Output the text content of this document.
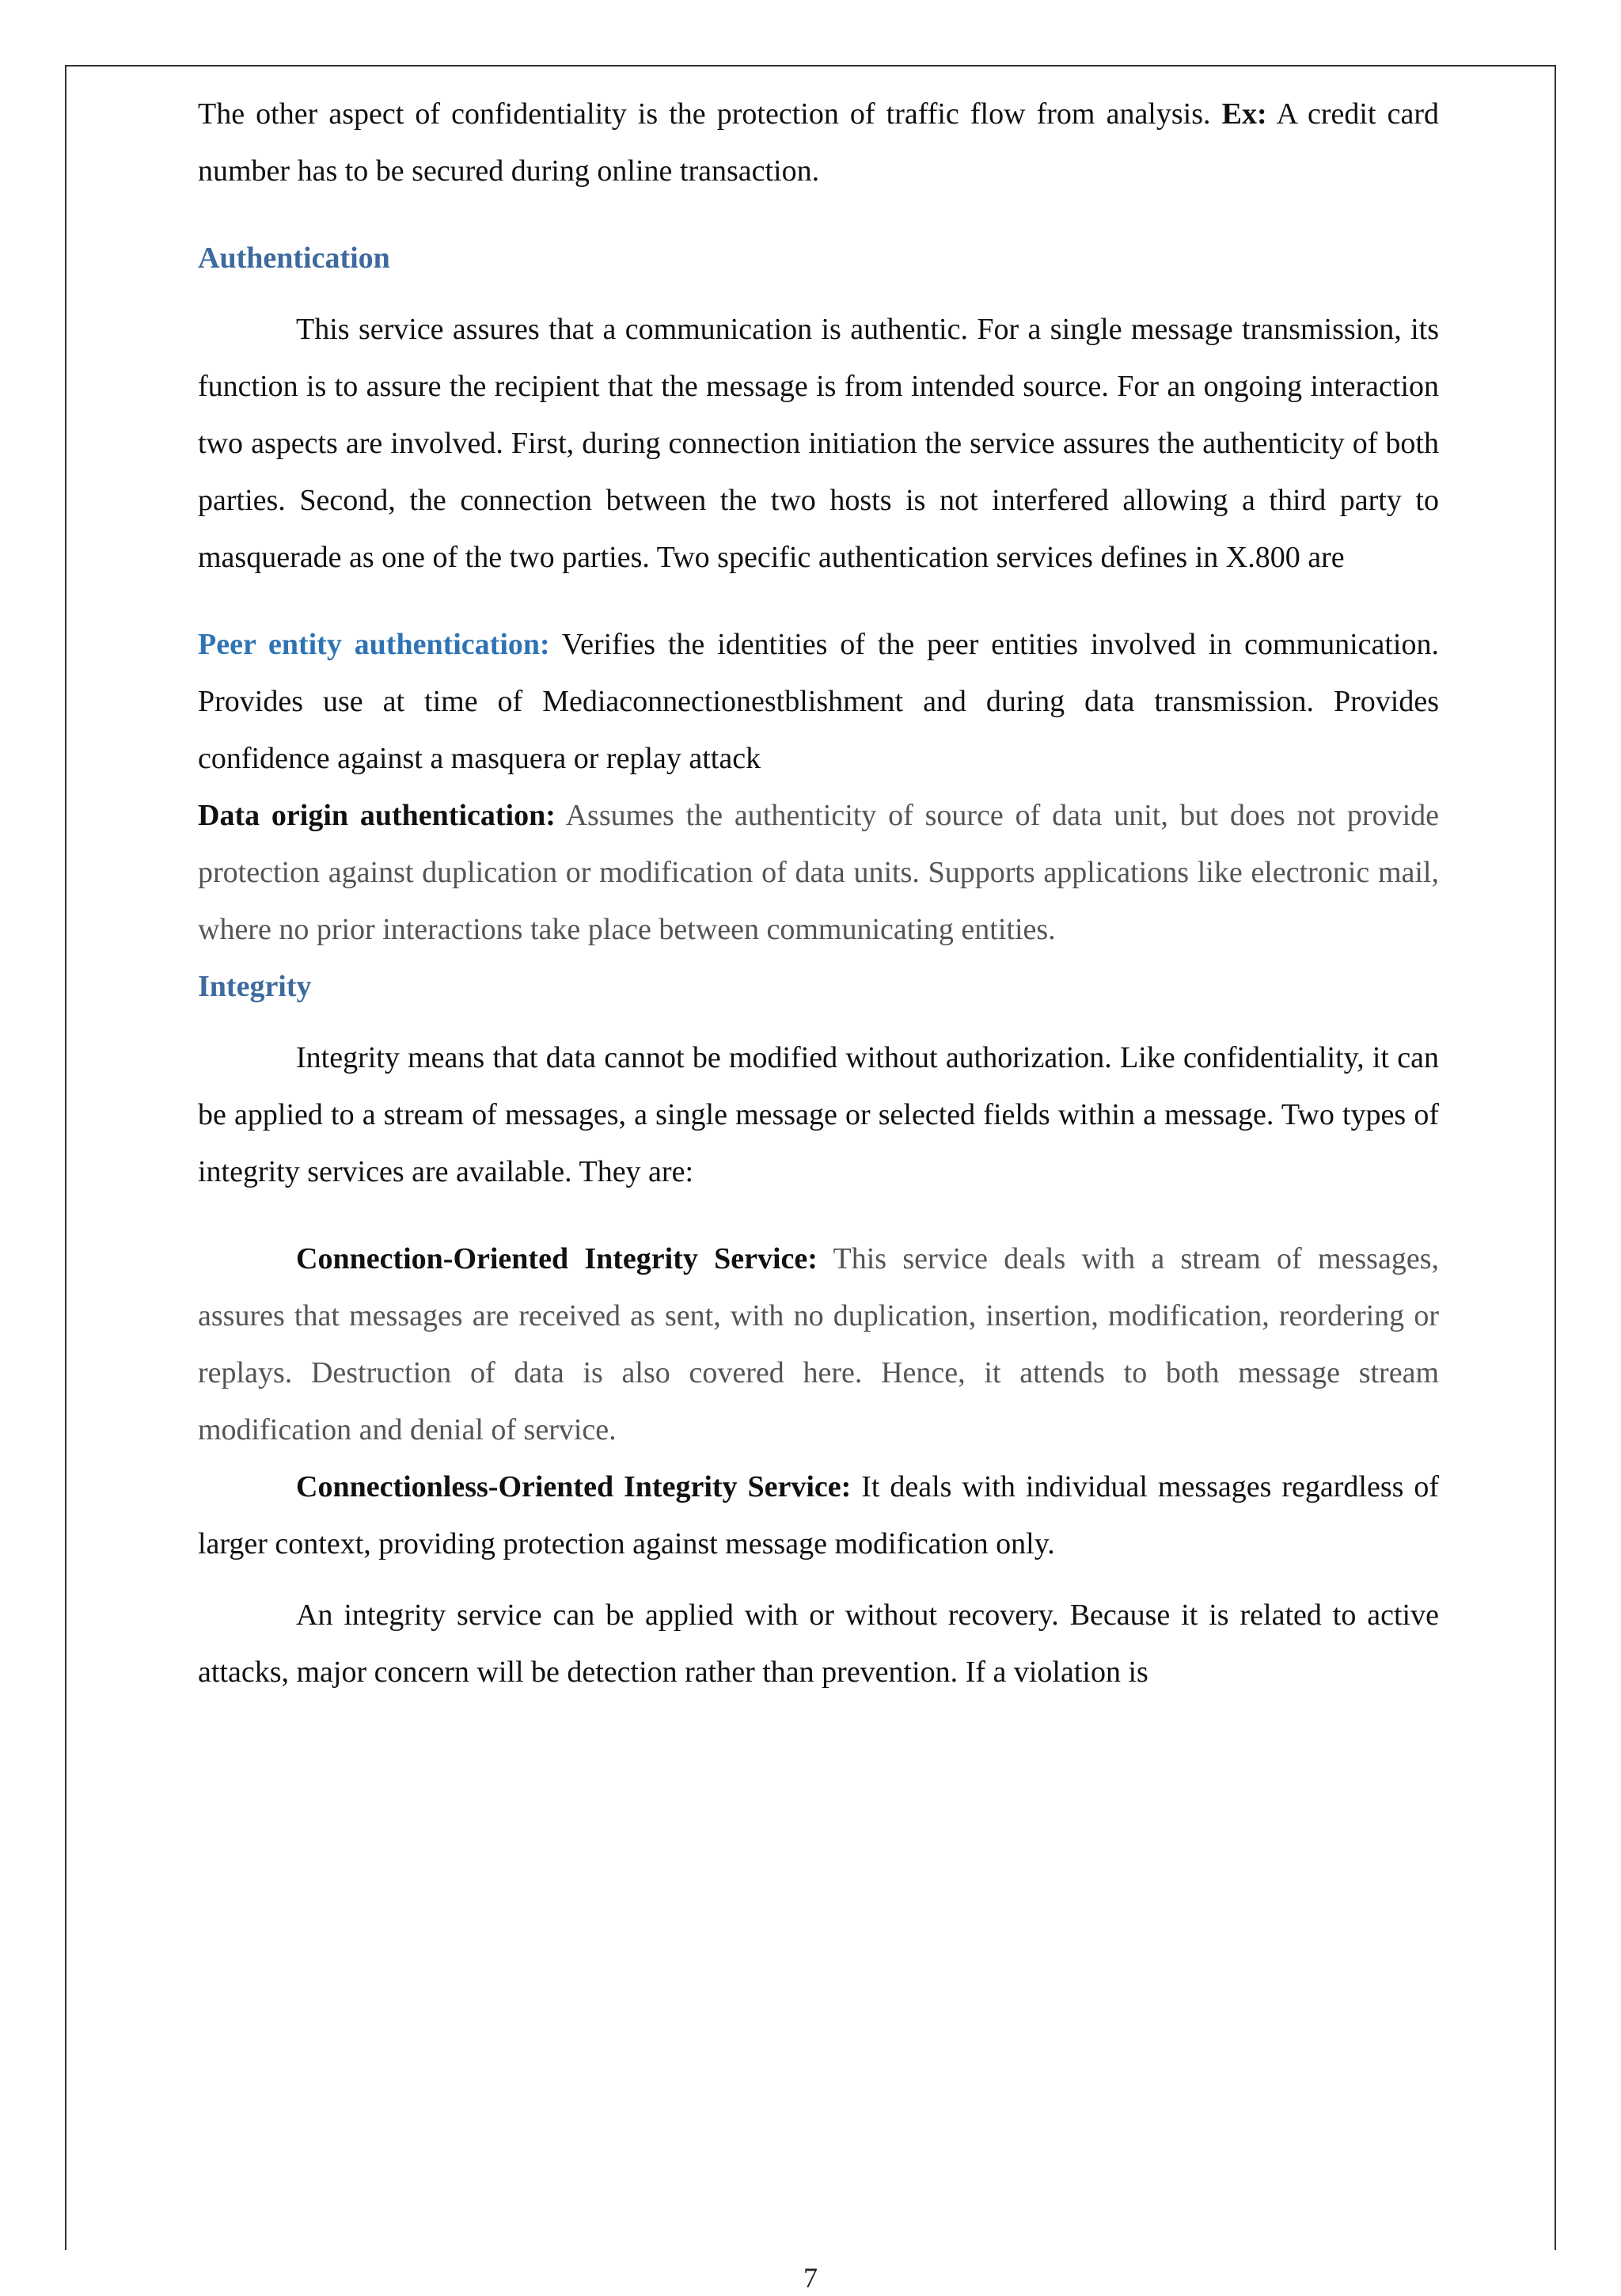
The other aspect of confidentiality is the protection of traffic flow from analysis. Ex: A credit card number has to be secured during online transaction.

Authentication

This service assures that a communication is authentic. For a single message transmission, its function is to assure the recipient that the message is from intended source. For an ongoing interaction two aspects are involved. First, during connection initiation the service assures the authenticity of both parties. Second, the connection between the two hosts is not interfered allowing a third party to masquerade as one of the two parties. Two specific authentication services defines in X.800 are

Peer entity authentication: Verifies the identities of the peer entities involved in communication. Provides use at time of Mediaconnectionestblishment and during data transmission. Provides confidence against a masquera or replay attack

Data origin authentication: Assumes the authenticity of source of data unit, but does not provide protection against duplication or modification of data units. Supports applications like electronic mail, where no prior interactions take place between communicating entities.

Integrity

Integrity means that data cannot be modified without authorization. Like confidentiality, it can be applied to a stream of messages, a single message or selected fields within a message. Two types of integrity services are available. They are:

Connection-Oriented Integrity Service: This service deals with a stream of messages, assures that messages are received as sent, with no duplication, insertion, modification, reordering or replays. Destruction of data is also covered here. Hence, it attends to both message stream modification and denial of service.

Connectionless-Oriented Integrity Service: It deals with individual messages regardless of larger context, providing protection against message modification only.

An integrity service can be applied with or without recovery. Because it is related to active attacks, major concern will be detection rather than prevention. If a violation is

7
